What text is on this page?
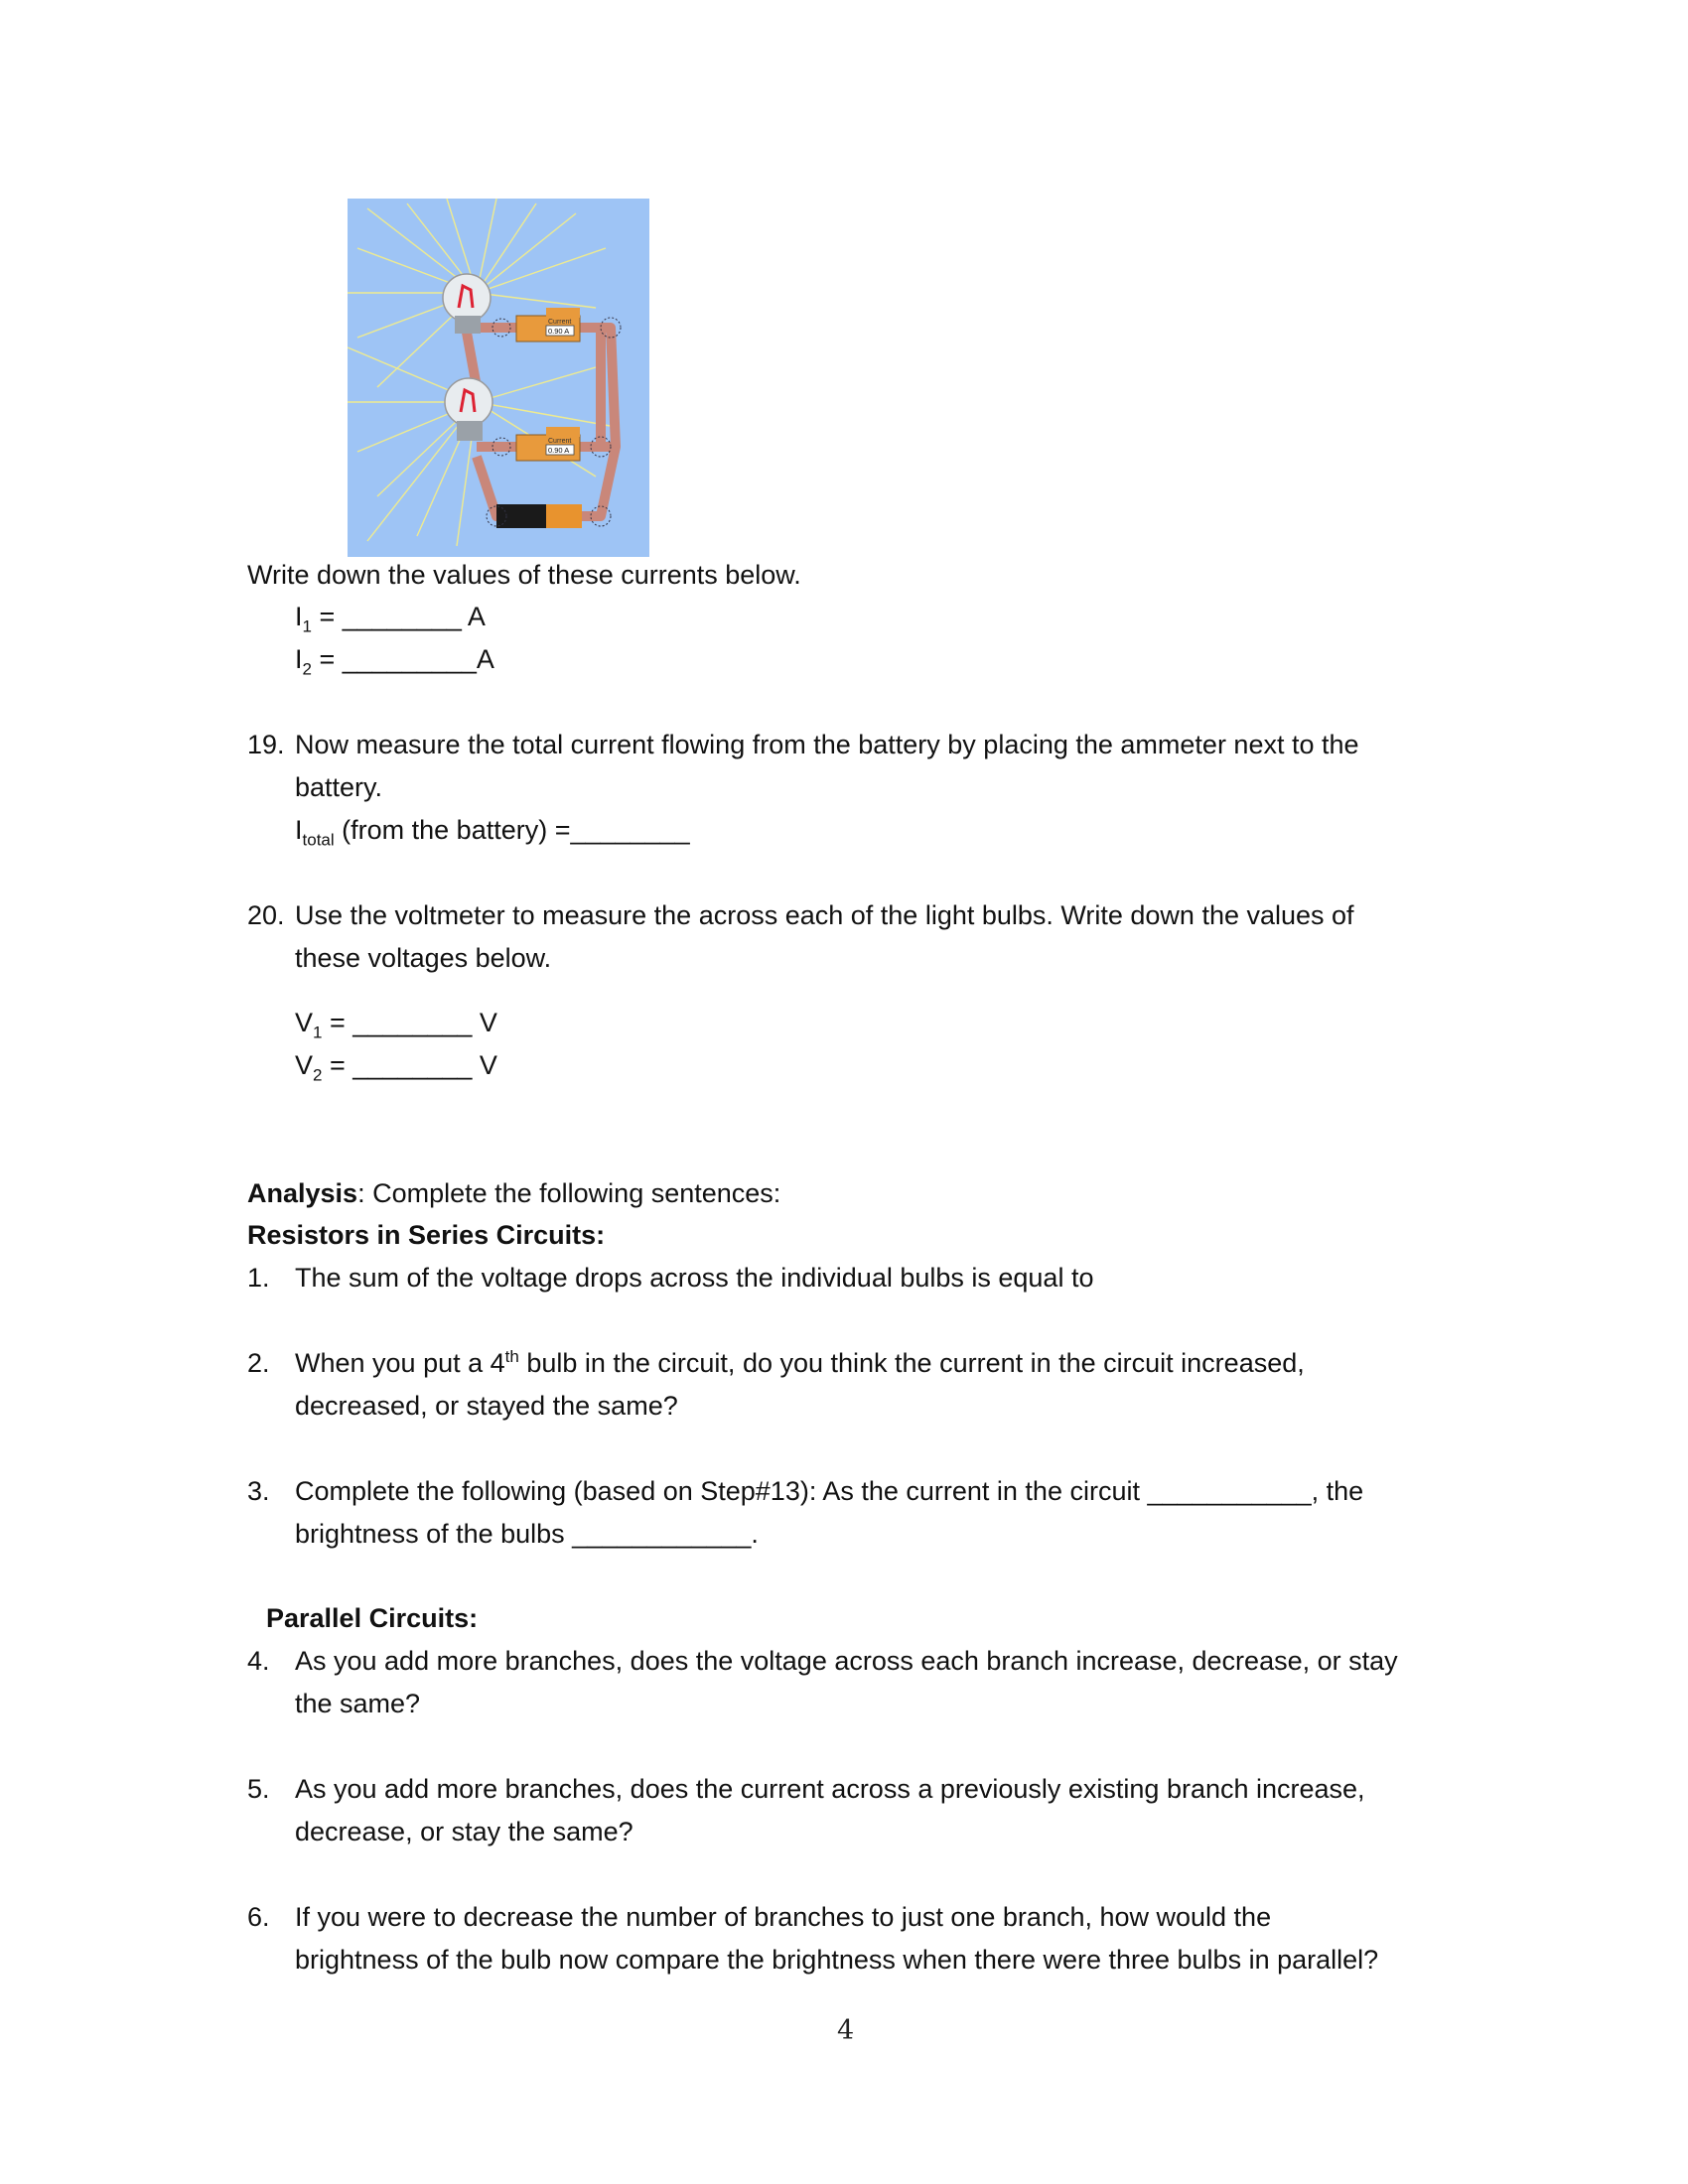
Current
0.90 A
Current
0.90 A
Write down the values of these currents below.
$I_1$ = ________ A
$I_2$ = _________A
19. Now measure the total current flowing from the battery by placing the ammeter next to the
battery.
$I_{total}$ (from the battery) =________
20. Use the voltmeter to measure the across each of the light bulbs. Write down the values of
these voltages below.
$V_1$ = ________ V
$V_2$ = ________ V
Analysis: Complete the following sentences:
Resistors in Series Circuits:
1. The sum of the voltage drops across the individual bulbs is equal to
2. When you put a 4th bulb in the circuit, do you think the current in the circuit increased,
decreased, or stayed the same?
3. Complete the following (based on Step#13): As the current in the circuit ___________, the
brightness of the bulbs ____________.
Parallel Circuits:
4. As you add more branches, does the voltage across each branch increase, decrease, or stay
the same?
5. As you add more branches, does the current across a previously existing branch increase,
decrease, or stay the same?
6. If you were to decrease the number of branches to just one branch, how would the
brightness of the bulb now compare the brightness when there were three bulbs in parallel?
4
